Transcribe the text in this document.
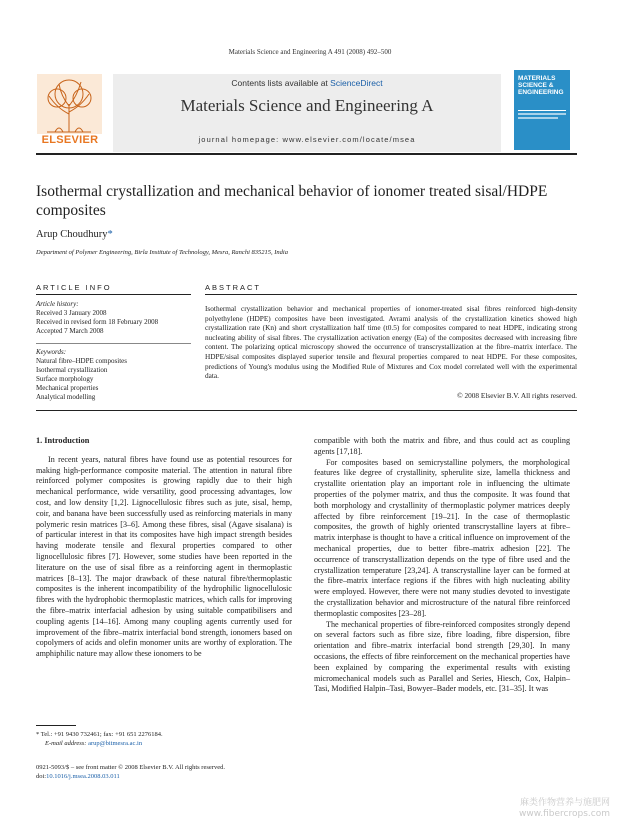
Materials Science and Engineering A 491 (2008) 492–500
ELSEVIER
Contents lists available at ScienceDirect
Materials Science and Engineering A
journal homepage: www.elsevier.com/locate/msea
MATERIALS SCIENCE & ENGINEERING
Isothermal crystallization and mechanical behavior of ionomer treated sisal/HDPE composites
Arup Choudhury*
Department of Polymer Engineering, Birla Institute of Technology, Mesra, Ranchi 835215, India
ARTICLE INFO	ABSTRACT
Article history:
Received 3 January 2008
Received in revised form 18 February 2008
Accepted 7 March 2008
Keywords:
Natural fibre–HDPE composites
Isothermal crystallization
Surface morphology
Mechanical properties
Analytical modelling
Isothermal crystallization behavior and mechanical properties of ionomer-treated sisal fibres reinforced high-density polyethylene (HDPE) composites have been investigated. Avrami analysis of the crystallization kinetics showed high crystallization rate (Kn) and short crystallization half time (t0.5) for composites compared to neat HDPE, indicating strong nucleating ability of sisal fibres. The crystallization activation energy (Ea) of the composites decreased with increasing fibre content. The polarizing optical microscopy showed the occurrence of transcrystallization at the fibre–matrix interface. The HDPE/sisal composites displayed superior tensile and flexural properties compared to neat HDPE. For these composites, predictions of Young's modulus using the Modified Rule of Mixtures and Cox model correlated well with the experimental data.
© 2008 Elsevier B.V. All rights reserved.

1. Introduction

In recent years, natural fibres have found use as potential resources for making high-performance composite material. The attention in natural fibre reinforced polymer composites is growing rapidly due to their high mechanical performance, wide versatility, good processing advantages, low cost, and low density [1,2]. Lignocellulosic fibres such as jute, sisal, hemp, coir, and banana have been successfully used as reinforcing materials in many polymeric resin matrices [3–6]. Among these fibres, sisal (Agave sisalana) is of particular interest in that its composites have high impact strength besides having moderate tensile and flexural properties compared to other lignocellulosic fibres [7]. However, some studies have been reported in the literature on the use of sisal fibre as a reinforcing agent in thermoplastic matrices [8–13]. The major drawback of these natural fibre/thermoplastic composites is the inherent incompatibility of the hydrophilic lignocellulosic fibres with the hydrophobic thermoplastic matrices, which calls for improving the fibre–matrix interfacial adhesion by using suitable compatibilisers and coupling agents [14–16]. Among many coupling agents currently used for improvement of the fibre–matrix interfacial bond strength, ionomers based on copolymers of acids and olefin monomer units are worthy of exploration. The amphiphilic nature may allow these ionomers to be

compatible with both the matrix and fibre, and thus could act as coupling agents [17,18].

For composites based on semicrystalline polymers, the morphological features like degree of crystallinity, spherulite size, lamella thickness and crystallite orientation play an important role in influencing the ultimate properties of the polymer matrix, and thus the composite. It was found that both morphology and crystallinity of thermoplastic polymer matrices deeply affected by fibre reinforcement [19–21]. In the case of thermoplastic composites, the growth of highly oriented transcrystalline layers at fibre–matrix interphase is thought to have a critical influence on improvement of the mechanical properties, due to better fibre–matrix adhesion [22]. The occurrence of transcrystallization depends on the type of fibre used and the crystallization temperature [23,24]. A transcrystalline layer can be formed at the fibre–matrix interface regions if the fibres with high nucleating ability were employed. However, there were not many studies devoted to investigate the crystallization behavior and microstructure of the natural fibre reinforced thermoplastic composites [23–28].

The mechanical properties of fibre-reinforced composites strongly depend on several factors such as fibre size, fibre loading, fibre dispersion, fibre orientation and fibre–matrix interfacial bond strength [29,30]. In many occasions, the effects of fibre reinforcement on the mechanical properties have been explained by comparing the experimental results with existing micromechanical models such as Parallel and Series, Hiesch, Cox, Halpin–Tasi, Modified Halpin–Tasi, Bowyer–Bader models, etc. [31–35]. It was

* Tel.: +91 9430 732461; fax: +91 651 2276184.
E-mail address: arup@bitmesra.ac.in
0921-5093/$ – see front matter © 2008 Elsevier B.V. All rights reserved.
doi:10.1016/j.msea.2008.03.011
麻类作物营养与施肥网
www.fibercrops.com
